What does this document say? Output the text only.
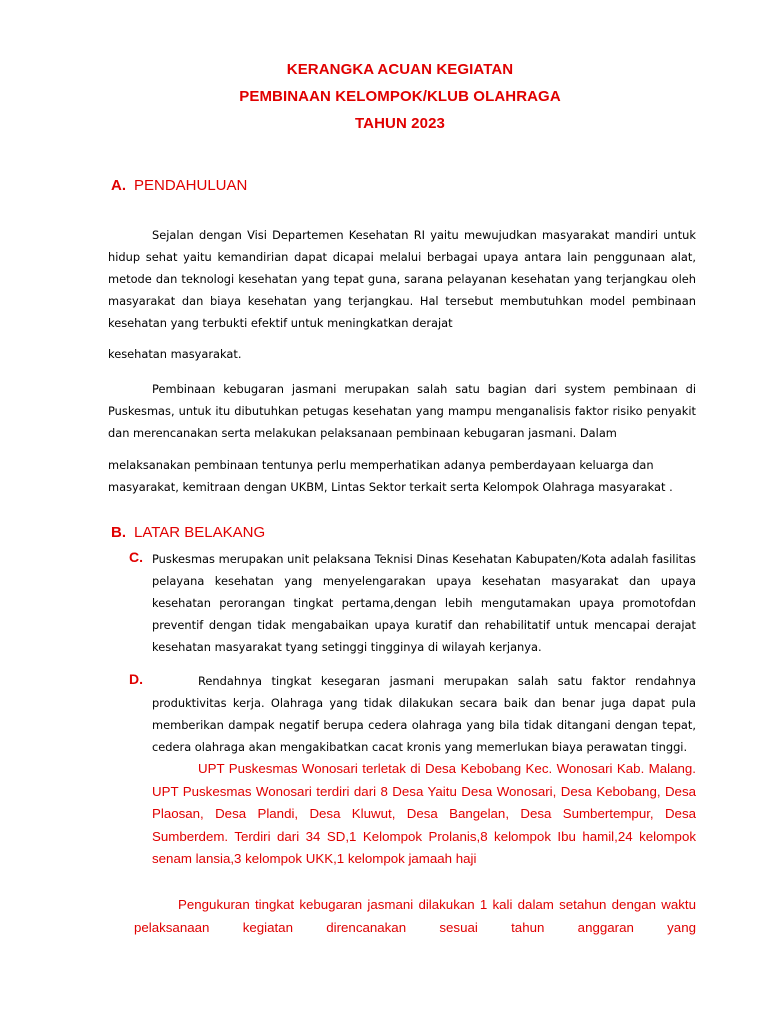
KERANGKA ACUAN KEGIATAN
PEMBINAAN KELOMPOK/KLUB OLAHRAGA
TAHUN 2023
A. PENDAHULUAN

Sejalan dengan Visi Departemen Kesehatan RI yaitu mewujudkan masyarakat mandiri untuk hidup sehat yaitu kemandirian dapat dicapai melalui berbagai upaya antara lain penggunaan alat, metode dan teknologi kesehatan yang tepat guna, sarana pelayanan kesehatan yang terjangkau oleh masyarakat dan biaya kesehatan yang terjangkau. Hal tersebut membutuhkan model pembinaan kesehatan yang terbukti efektif untuk meningkatkan derajat

kesehatan masyarakat.

Pembinaan kebugaran jasmani merupakan salah satu bagian dari system pembinaan di Puskesmas, untuk itu dibutuhkan petugas kesehatan yang mampu menganalisis faktor risiko penyakit dan merencanakan serta melakukan pelaksanaan pembinaan kebugaran jasmani. Dalam

melaksanakan pembinaan tentunya perlu memperhatikan adanya pemberdayaan keluarga dan

masyarakat, kemitraan dengan UKBM, Lintas Sektor terkait serta Kelompok Olahraga masyarakat .

B. LATAR BELAKANG
C. Puskesmas merupakan unit pelaksana Teknisi Dinas Kesehatan Kabupaten/Kota adalah fasilitas pelayana kesehatan yang menyelengarakan upaya kesehatan masyarakat dan upaya kesehatan perorangan tingkat pertama,dengan lebih mengutamakan upaya promotofdan preventif dengan tidak mengabaikan upaya kuratif dan rehabilitatif untuk mencapai derajat kesehatan masyarakat tyang setinggi tingginya di wilayah kerjanya.

D.	Rendahnya tingkat kesegaran jasmani merupakan salah satu faktor rendahnya produktivitas kerja. Olahraga yang tidak dilakukan secara baik dan benar juga dapat pula memberikan dampak negatif berupa cedera olahraga yang bila tidak ditangani dengan tepat, cedera olahraga akan mengakibatkan cacat kronis yang memerlukan biaya perawatan tinggi.

UPT Puskesmas Wonosari terletak di Desa Kebobang Kec. Wonosari Kab. Malang. UPT Puskesmas Wonosari terdiri dari 8 Desa Yaitu Desa Wonosari, Desa Kebobang, Desa Plaosan, Desa Plandi, Desa Kluwut, Desa Bangelan, Desa Sumbertempur, Desa Sumberdem. Terdiri dari 34 SD,1 Kelompok Prolanis,8 kelompok Ibu hamil,24 kelompok senam lansia,3 kelompok UKK,1 kelompok jamaah haji

Pengukuran tingkat kebugaran jasmani dilakukan 1 kali dalam setahun dengan waktu pelaksanaan kegiatan direncanakan sesuai tahun anggaran yang
